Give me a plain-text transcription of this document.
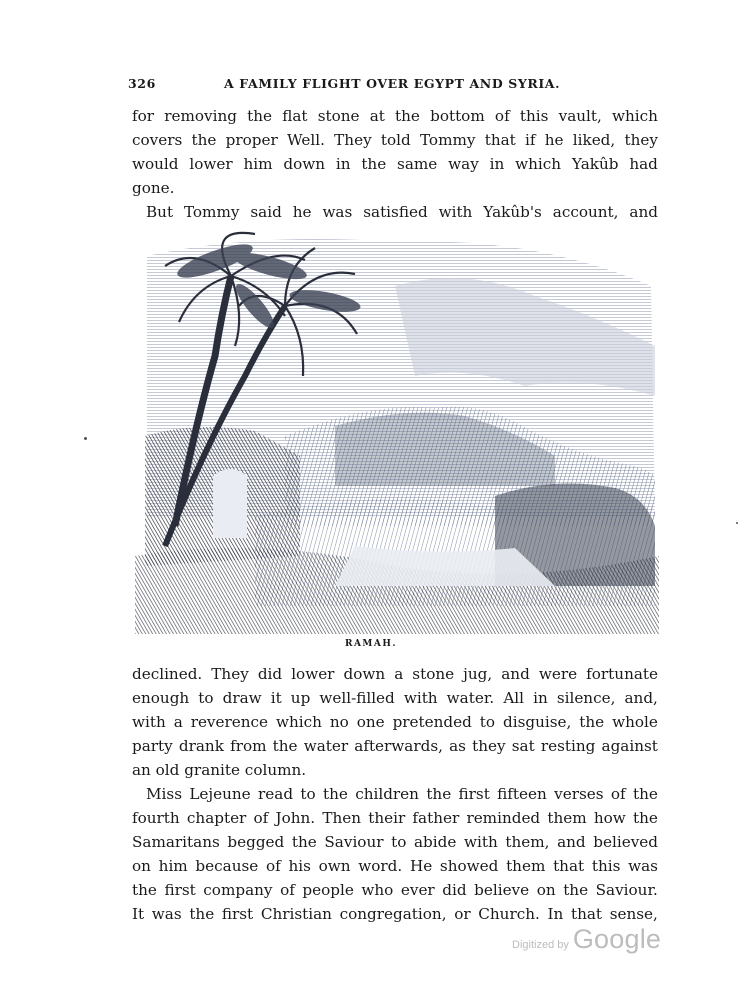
326	A FAMILY FLIGHT OVER EGYPT AND SYRIA.
for removing the flat stone at the bottom of this vault, which
covers the proper Well. They told Tommy that if he liked, they
would lower him down in the same way in which Yakûb had
gone.
But Tommy said he was satisfied with Yakûb's account, and
RAMAH.
declined. They did lower down a stone jug, and were fortunate
enough to draw it up well-filled with water. All in silence, and,
with a reverence which no one pretended to disguise, the whole
party drank from the water afterwards, as they sat resting against
an old granite column.
Miss Lejeune read to the children the first fifteen verses of the
fourth chapter of John. Then their father reminded them how the
Samaritans begged the Saviour to abide with them, and believed
on him because of his own word. He showed them that this was
the first company of people who ever did believe on the Saviour.
It was the first Christian congregation, or Church. In that sense,
Digitized by Google
